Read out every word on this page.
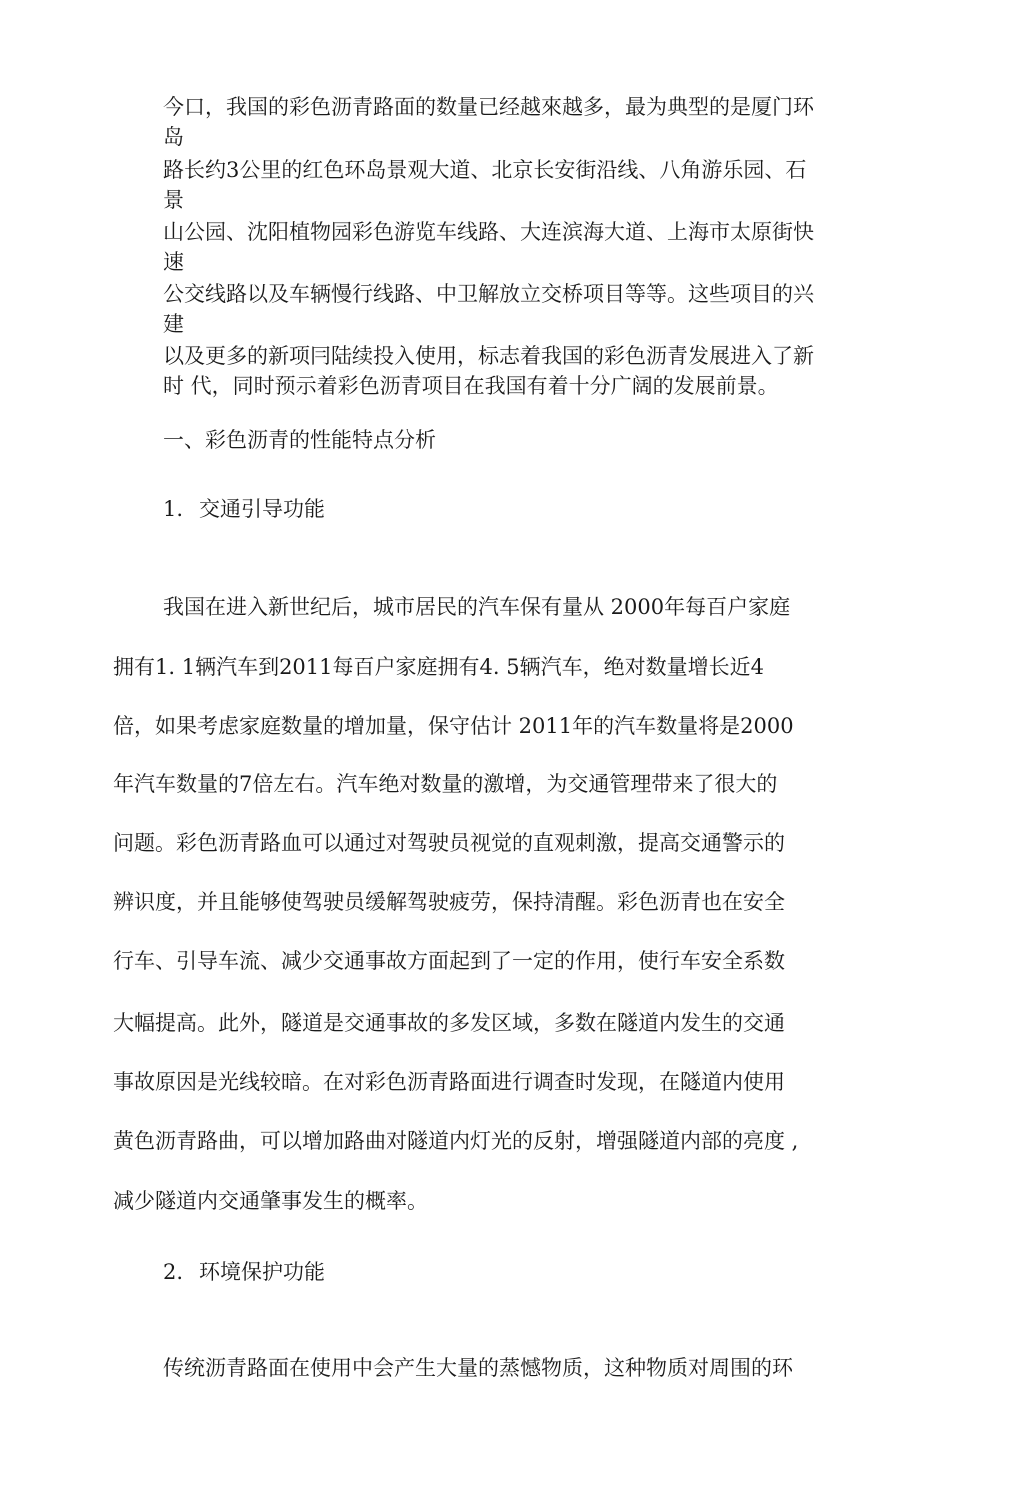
今口，我国的彩色沥青路面的数量已经越來越多，最为典型的是厦门环

岛

路长约3公里的红色环岛景观大道、北京长安街沿线、八角游乐园、石

景

山公园、沈阳植物园彩色游览车线路、大连滨海大道、上海市太原街快

速

公交线路以及车辆慢行线路、中卫解放立交桥项目等等。这些项目的兴

建

以及更多的新项冃陆续投入使用，标志着我国的彩色沥青发展进入了新

时 代，同时预示着彩色沥青项目在我国有着十分广阔的发展前景。

一、彩色沥青的性能特点分析

1. 交通引导功能

我国在进入新世纪后，城市居民的汽车保有量从 2000年每百户家庭

拥有1. 1辆汽车到2011每百户家庭拥有4. 5辆汽车，绝对数量增长近4

倍，如果考虑家庭数量的增加量，保守估计 2011年的汽车数量将是2000

年汽车数量的7倍左右。汽车绝对数量的激增，为交通管理带来了很大的

问题。彩色沥青路血可以通过对驾驶员视觉的直观刺激，提高交通警示的

辨识度，并且能够使驾驶员缓解驾驶疲劳，保持清醒。彩色沥青也在安全

行车、引导车流、减少交通事故方面起到了一定的作用，使行车安全系数

大幅提高。此外，隧道是交通事故的多发区域，多数在隧道内发生的交通

事故原因是光线较暗。在对彩色沥青路面进行调查时发现，在隧道内使用

黄色沥青路曲，可以增加路曲对隧道内灯光的反射，增强隧道内部的亮度 ,

减少隧道内交通肇事发生的概率。

2. 环境保护功能

传统沥青路面在使用中会产生大量的蒸憾物质，这种物质对周围的环
